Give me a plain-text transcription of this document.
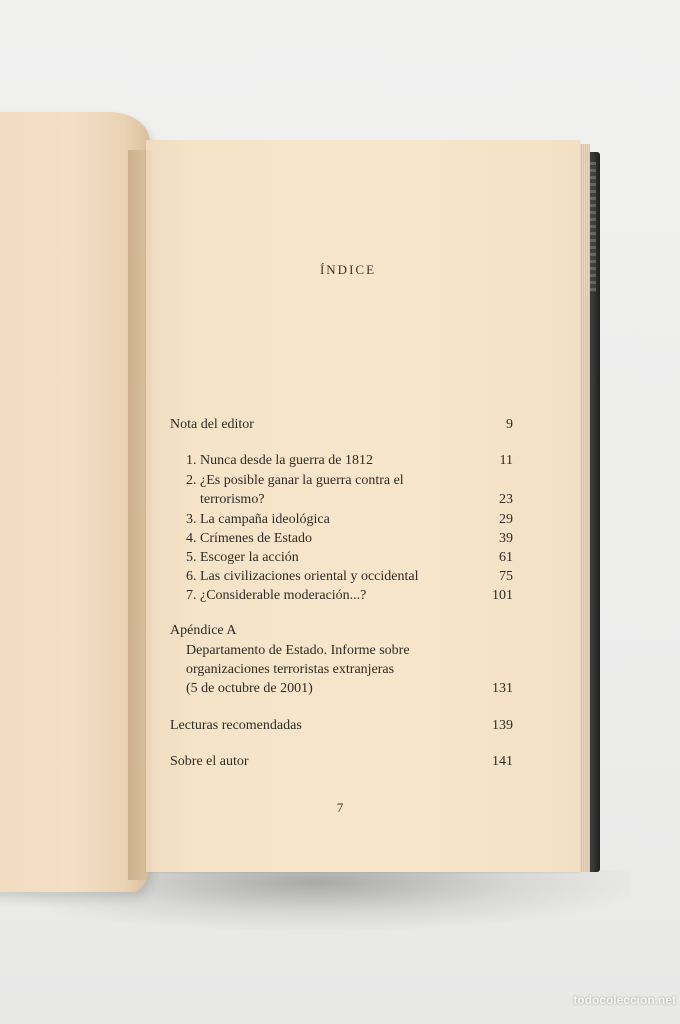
ÍNDICE
Nota del editor	9
1. Nunca desde la guerra de 1812	11
2. ¿Es posible ganar la guerra contra el
terrorismo?	23
3. La campaña ideológica	29
4. Crímenes de Estado	39
5. Escoger la acción	61
6. Las civilizaciones oriental y occidental	75
7. ¿Considerable moderación...?	101
Apéndice A
Departamento de Estado. Informe sobre
organizaciones terroristas extranjeras
(5 de octubre de 2001)	131
Lecturas recomendadas	139
Sobre el autor	141
7
todocoleccion.net
